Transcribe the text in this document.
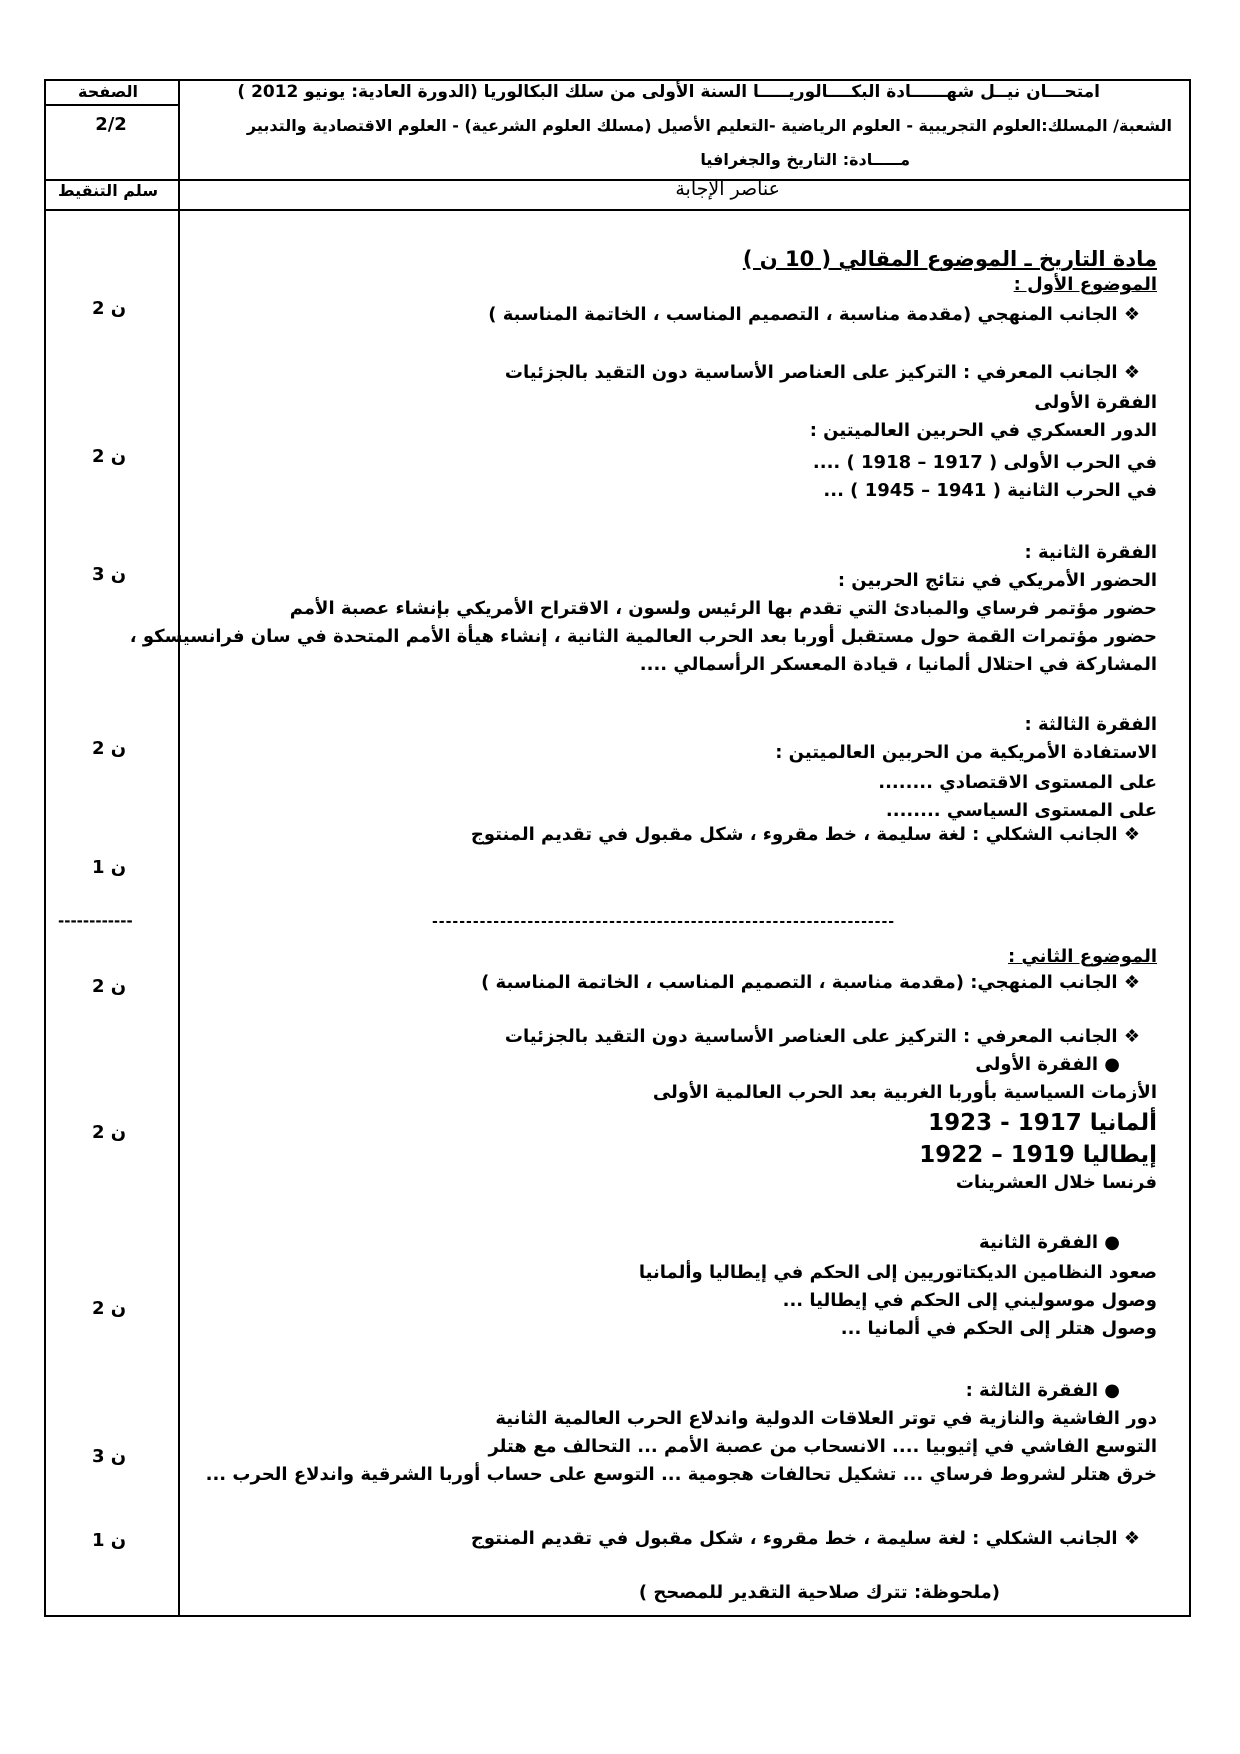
الصفحة
2/2
سلم التنقيط
امتحـــان نيــل شهــــــادة البكــــالوريـــــا السنة الأولى من سلك البكالوريا (الدورة العادية: يونيو 2012 )
الشعبة/ المسلك:العلوم التجريبية - العلوم الرياضية -التعليم الأصيل (مسلك العلوم الشرعية) - العلوم الاقتصادية والتدبير
مـــــادة: التاريخ والجغرافيا
عناصر الإجابة
2 ن
2 ن
3 ن
2 ن
1 ن
------------
2 ن
2 ن
2 ن
3 ن
1 ن
مادة التاريخ ـ الموضوع المقالي ( 10 ن )
الموضوع الأول :
❖ الجانب المنهجي (مقدمة مناسبة ، التصميم المناسب ، الخاتمة المناسبة )
❖ الجانب المعرفي : التركيز على العناصر الأساسية دون التقيد بالجزئيات
الفقرة الأولى
الدور العسكري في الحربين العالميتين :
في الحرب الأولى ( 1917 – 1918 ) ....
في الحرب الثانية ( 1941 – 1945 ) ...
الفقرة الثانية :
الحضور الأمريكي في نتائج الحربين :
حضور مؤتمر فرساي والمبادئ التي تقدم بها الرئيس ولسون ، الاقتراح الأمريكي بإنشاء عصبة الأمم
حضور مؤتمرات القمة حول مستقبل أوربا بعد الحرب العالمية الثانية ، إنشاء هيأة الأمم المتحدة في سان فرانسيسكو ،
المشاركة في احتلال ألمانيا ، قيادة المعسكر الرأسمالي ....
الفقرة الثالثة :
الاستفادة الأمريكية من الحربين العالميتين :
على المستوى الاقتصادي ........
على المستوى السياسي ........
❖ الجانب الشكلي : لغة سليمة ، خط مقروء ، شكل مقبول في تقديم المنتوج
--------------------------------------------------------------------
الموضوع الثاني :
❖ الجانب المنهجي: (مقدمة مناسبة ، التصميم المناسب ، الخاتمة المناسبة )
❖ الجانب المعرفي : التركيز على العناصر الأساسية دون التقيد بالجزئيات
● الفقرة الأولى
الأزمات السياسية بأوربا الغربية بعد الحرب العالمية الأولى
ألمانيا 1917 - 1923
إيطاليا 1919 – 1922
فرنسا خلال العشرينات
● الفقرة الثانية
صعود النظامين الديكتاتوريين إلى الحكم في إيطاليا وألمانيا
وصول موسوليني إلى الحكم في إيطاليا ...
وصول هتلر إلى الحكم في ألمانيا ...
● الفقرة الثالثة :
دور الفاشية والنازية في توتر العلاقات الدولية واندلاع الحرب العالمية الثانية
التوسع الفاشي في إثيوبيا .... الانسحاب من عصبة الأمم ... التحالف مع هتلر
خرق هتلر لشروط فرساي ... تشكيل تحالفات هجومية ... التوسع على حساب أوربا الشرقية واندلاع الحرب ...
❖ الجانب الشكلي : لغة سليمة ، خط مقروء ، شكل مقبول في تقديم المنتوج
(ملحوظة: تترك صلاحية التقدير للمصحح )
